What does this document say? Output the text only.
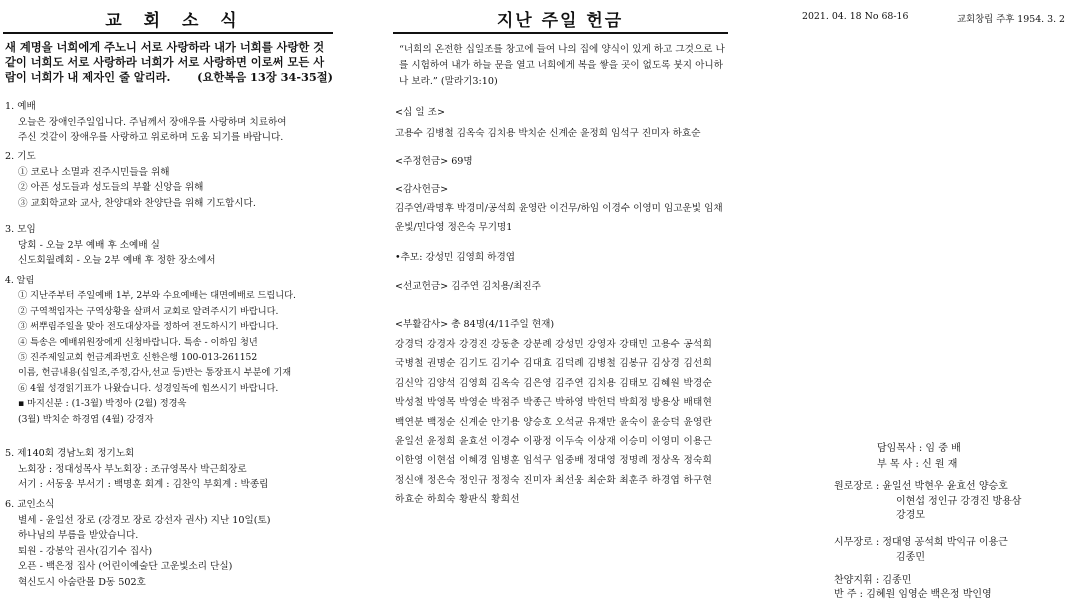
교 회 소 식
새 계명을 너희에게 주노니 서로 사랑하라 내가 너희를 사랑한 것 같이 너희도 서로 사랑하라 너희가 서로 사랑하면 이로써 모든 사람이 너희가 내 제자인 줄 알리라. (요한복음 13장 34-35절)
1. 예배
오늘은 장애인주일입니다. 주님께서 장애우를 사랑하며 치료하여
주신 것같이 장애우를 사랑하고 위로하며 도움 되기를 바랍니다.
2. 기도
① 코로나 소멸과 진주시민들을 위해
② 아픈 성도들과 성도들의 부활 신앙을 위해
③ 교회학교와 교사, 찬양대와 찬양단을 위해 기도합시다.
3. 모임
당회 - 오늘 2부 예배 후 소예배 실
신도회월례회 - 오늘 2부 예배 후 정한 장소에서
4. 알림
① 지난주부터 주일예배 1부, 2부와 수요예배는 대면예배로 드립니다.
② 구역책임자는 구역상황을 살펴서 교회로 알려주시기 바랍니다.
③ 써뿌림주일을 맞아 전도대상자를 정하여 전도하시기 바랍니다.
④ 특송은 예배위원장에게 신청바랍니다. 특송 - 이하임 청년
⑤ 진주제일교회 헌금계좌번호 신한은행 100-013-261152
이름, 헌금내용(십일조,주정,감사,선교 등)반는 통장표시 부분에 기재
⑥ 4월 성경읽기표가 나왔습니다. 성경일독에 힘쓰시기 바랍니다.
▪ 마지신분 : (1-3월) 박정아 (2월) 정경욱
(3월) 박치순 하경엽 (4월) 강경자
5. 제140회 경남노회 정기노회
노회장 : 정대성목사 부노회장 : 조규영목사 박근희장로
서기 : 서동웅 부서기 : 백명훈 회계 : 김찬익 부회계 : 박종립
6. 교인소식
별세 - 윤일선 장로 (강경모 장로 강선자 권사) 지난 10일(토)
하나님의 부름을 받았습니다.
퇴원 - 강봉악 권사(김기수 집사)
오픈 - 백은정 집사 (어린이예술단 고운빛소리 단실)
혁신도시 아숨란몰 D동 502호
지난 주일 헌금
“너희의 온전한 십일조를 창고에 들여 나의 집에 양식이 있게 하고 그것으로 나를 시험하여 내가 하늘 문을 열고 너희에게 복을 쌓을 곳이 없도록 붓지 아니하나 보라.” (말라기3:10)
<십 일 조>
고용수 김병철 김옥숙 김치용 박치순 신계순 윤정희 임석구 진미자 하효순
<주정헌금> 69명
<감사헌금>
김주연/곽명후 박경미/공석희 윤영란 이건무/하임 이경수 이영미 임고운빛 임채운빛/민다영 정은숙 무기명1
•추모: 강성민 김영희 하경엽
<선교헌금> 김주연 김치용/최진주
<부활감사> 총 84명(4/11주일 현재)
강경덕 강경자 강경진 강동춘 강분례 강성민 강영자 강태민 고용수 공석희 국병철 권명순 김기도 김기수 김대효 김덕례 김병철 김봉규 김상경 김선희 김신악 김양석 김영희 김옥숙 김은영 김주연 김치용 김태모 김혜원 박경순 박성철 박영목 박영순 박점주 박종근 박하영 박헌덕 박희정 방용상 배태현 백연분 백정순 신계순 안기용 양승호 오석균 유재만 윤숙이 윤승덕 윤영란 윤일선 윤정희 윤효선 이경수 이광정 이두숙 이상재 이승미 이영미 이용근 이한영 이현섭 이혜경 임병훈 임석구 임중배 정대영 정명례 정상옥 정숙희 정신애 정은숙 정인규 정정숙 진미자 최선웅 최순화 최훈주 하경엽 하구현 하효순 하희숙 황판식 황희선
2021. 04. 18 No 68-16	교회창립 주후 1954. 3. 2
담임목사 : 임 중 배
부 목 사 : 신 원 재
원로장로 : 윤일선 박현우 윤효선 양승호
이현섭 정인규 강경진 방용삼
강경모
시무장로 : 정대영 공석희 박익규 이용근
김종민
찬양지휘 : 김종민
반 주 : 김혜원 임영순 백은정 박인영
